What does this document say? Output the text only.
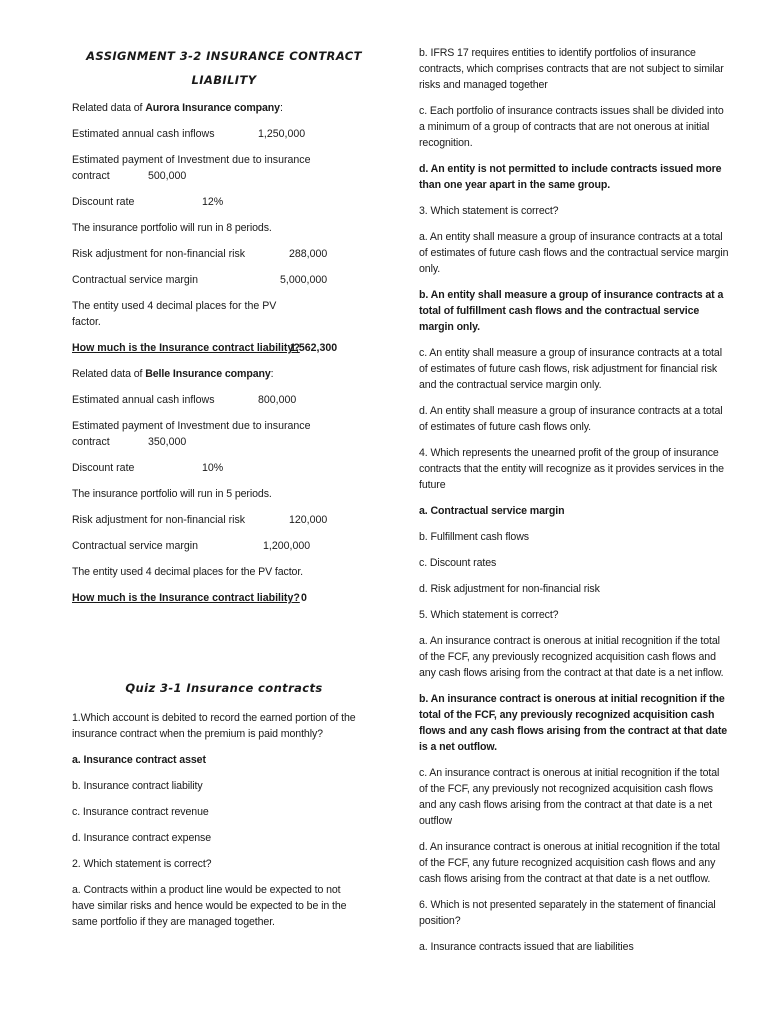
ASSIGNMENT 3-2 INSURANCE CONTRACT
LIABILITY

Related data of Aurora Insurance company:

Estimated annual cash inflows	1,250,000
Estimated payment of Investment due to insurance
contract	500,000
Discount rate	12%

The insurance portfolio will run in 8 periods.

Risk adjustment for non-financial risk	288,000
Contractual service margin	5,000,000
The entity used 4 decimal places for the PV
factor.
How much is the Insurance contract liability?
1,562,300

Related data of Belle Insurance company:

Estimated annual cash inflows	800,000
Estimated payment of Investment due to insurance
contract	350,000
Discount rate	10%

The insurance portfolio will run in 5 periods.

Risk adjustment for non-financial risk	120,000
Contractual service margin	1,200,000

The entity used 4 decimal places for the PV factor.

How much is the Insurance contract liability? 0
Quiz 3-1 Insurance contracts

1.Which account is debited to record the earned portion of the insurance contract when the premium is paid monthly?

a. Insurance contract asset

b. Insurance contract liability

c. Insurance contract revenue

d. Insurance contract expense

2. Which statement is correct?

a. Contracts within a product line would be expected to not have similar risks and hence would be expected to be in the same portfolio if they are managed together.

b. IFRS 17 requires entities to identify portfolios of insurance contracts, which comprises contracts that are not subject to similar risks and managed together

c. Each portfolio of insurance contracts issues shall be divided into a minimum of a group of contracts that are not onerous at initial recognition.

d. An entity is not permitted to include contracts issued more than one year apart in the same group.

3. Which statement is correct?

a. An entity shall measure a group of insurance contracts at a total of estimates of future cash flows and the contractual service margin only.

b. An entity shall measure a group of insurance contracts at a total of fulfillment cash flows and the contractual service margin only.

c. An entity shall measure a group of insurance contracts at a total of estimates of future cash flows, risk adjustment for financial risk and the contractual service margin only.

d. An entity shall measure a group of insurance contracts at a total of estimates of future cash flows only.

4. Which represents the unearned profit of the group of insurance contracts that the entity will recognize as it provides services in the future

a. Contractual service margin

b. Fulfillment cash flows

c. Discount rates

d. Risk adjustment for non-financial risk

5. Which statement is correct?

a. An insurance contract is onerous at initial recognition if the total of the FCF, any previously recognized acquisition cash flows and any cash flows arising from the contract at that date is a net inflow.

b. An insurance contract is onerous at initial recognition if the total of the FCF, any previously recognized acquisition cash flows and any cash flows arising from the contract at that date is a net outflow.

c. An insurance contract is onerous at initial recognition if the total of the FCF, any previously not recognized acquisition cash flows and any cash flows arising from the contract at that date is a net outflow

d. An insurance contract is onerous at initial recognition if the total of the FCF, any future recognized acquisition cash flows and any cash flows arising from the contract at that date is a net outflow.

6. Which is not presented separately in the statement of financial position?

a. Insurance contracts issued that are liabilities
